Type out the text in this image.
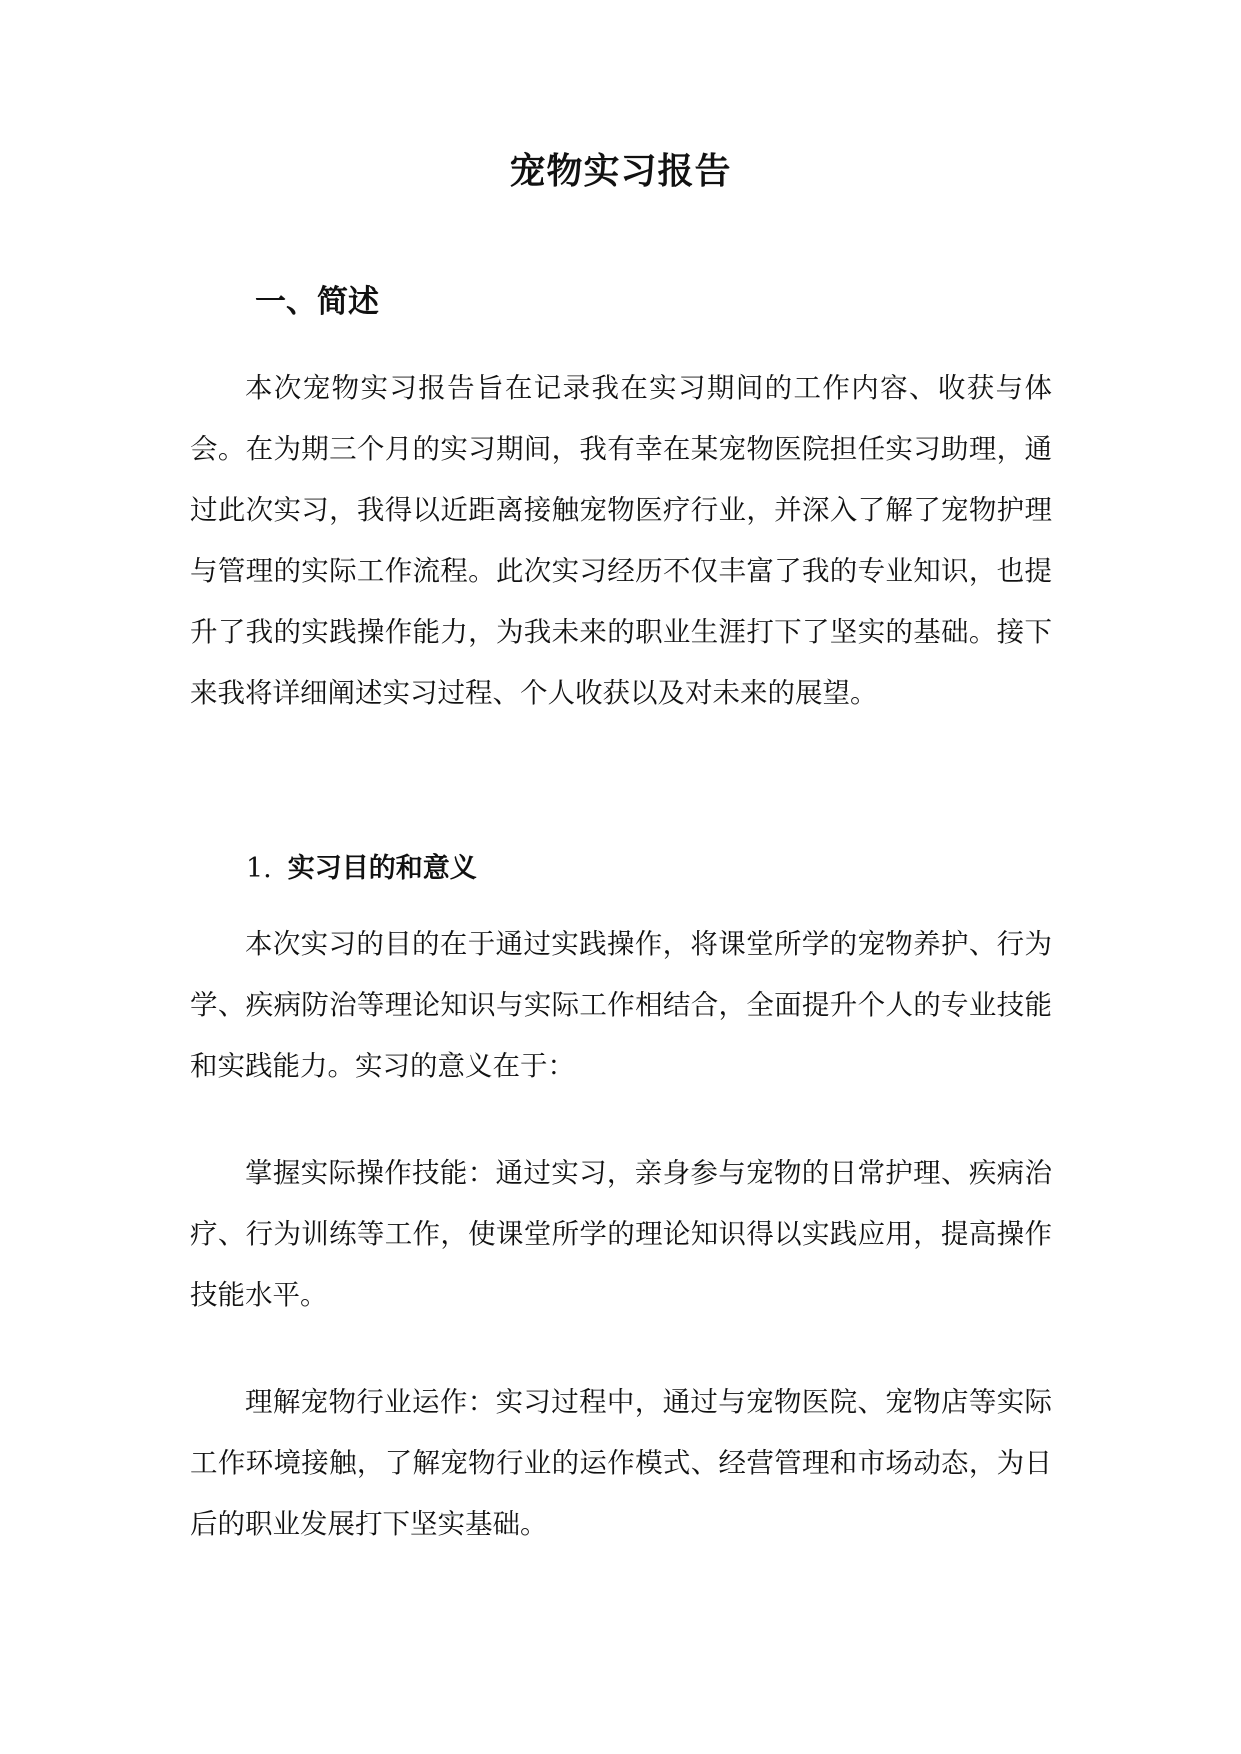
宠物实习报告
一、简述

本次宠物实习报告旨在记录我在实习期间的工作内容、收获与体会。在为期三个月的实习期间，我有幸在某宠物医院担任实习助理，通过此次实习，我得以近距离接触宠物医疗行业，并深入了解了宠物护理与管理的实际工作流程。此次实习经历不仅丰富了我的专业知识，也提升了我的实践操作能力，为我未来的职业生涯打下了坚实的基础。接下来我将详细阐述实习过程、个人收获以及对未来的展望。

1. 实习目的和意义

本次实习的目的在于通过实践操作，将课堂所学的宠物养护、行为学、疾病防治等理论知识与实际工作相结合，全面提升个人的专业技能和实践能力。实习的意义在于：

掌握实际操作技能：通过实习，亲身参与宠物的日常护理、疾病治疗、行为训练等工作，使课堂所学的理论知识得以实践应用，提高操作技能水平。

理解宠物行业运作：实习过程中，通过与宠物医院、宠物店等实际工作环境接触，了解宠物行业的运作模式、经营管理和市场动态，为日后的职业发展打下坚实基础。
